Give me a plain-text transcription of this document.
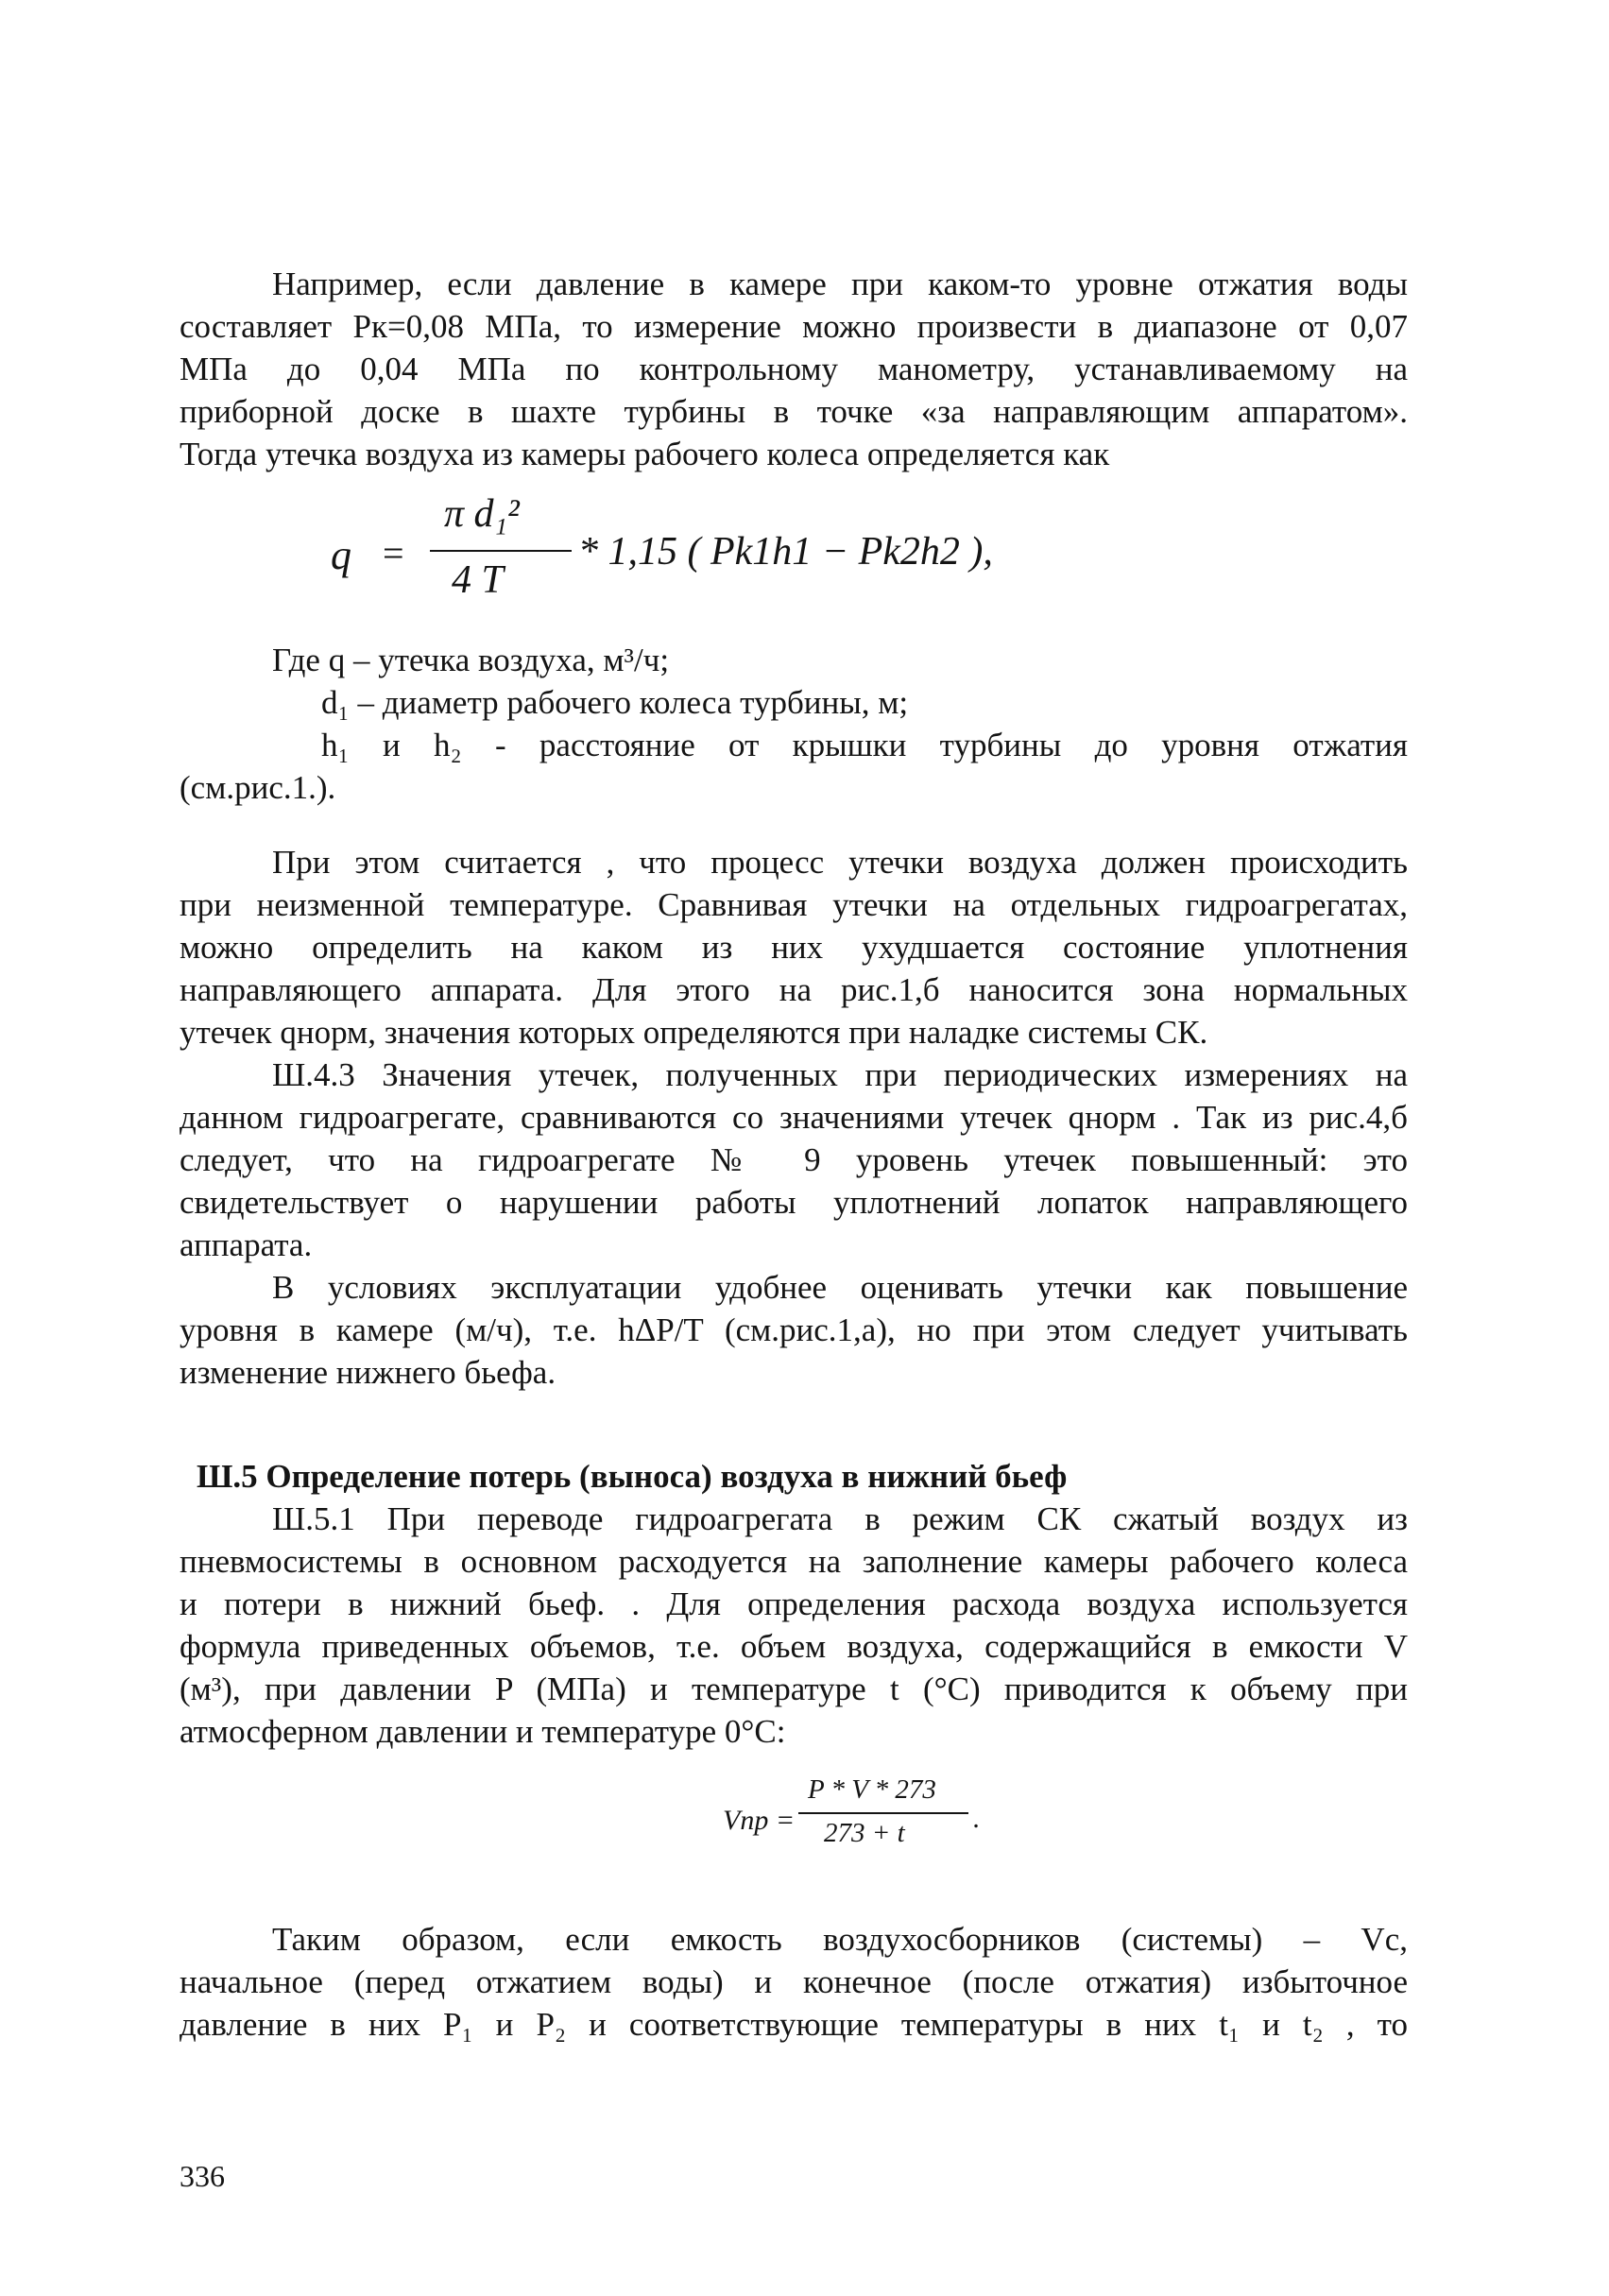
Например, если давление в камере при каком-то уровне отжатия воды
составляет Pк=0,08 МПа, то измерение можно произвести в диапазоне от 0,07
МПа до 0,04 МПа по контрольному манометру, устанавливаемому на
приборной доске в шахте турбины в точке «за направляющим аппаратом».
Тогда утечка воздуха из камеры рабочего колеса определяется как
q =
π d₁²
4 T
* 1,15 ( Pk1h1 − Pk2h2 ),
Где q – утечка воздуха, м³/ч;
d₁ – диаметр рабочего колеса турбины, м;
h₁ и h₂ - расстояние от крышки турбины до уровня отжатия
(см.рис.1.).
При этом считается , что процесс утечки воздуха должен происходить
при неизменной температуре. Сравнивая утечки на отдельных гидроагрегатах,
можно определить на каком из них ухудшается состояние уплотнения
направляющего аппарата. Для этого на рис.1,б наносится зона нормальных
утечек qнорм, значения которых определяются при наладке системы СК.
Ш.4.3 Значения утечек, полученных при периодических измерениях на
данном гидроагрегате, сравниваются со значениями утечек qнорм . Так из рис.4,б
следует, что на гидроагрегате № 9 уровень утечек повышенный: это
свидетельствует о нарушении работы уплотнений лопаток направляющего
аппарата.
В условиях эксплуатации удобнее оценивать утечки как повышение
уровня в камере (м/ч), т.е. hΔP/T (см.рис.1,а), но при этом следует учитывать
изменение нижнего бьефа.
Ш.5 Определение потерь (выноса) воздуха в нижний бьеф
Ш.5.1 При переводе гидроагрегата в режим СК сжатый воздух из
пневмосистемы в основном расходуется на заполнение камеры рабочего колеса
и потери в нижний бьеф. . Для определения расхода воздуха используется
формула приведенных объемов, т.е. объем воздуха, содержащийся в емкости V
(м³), при давлении P (МПа) и температуре t (°C) приводится к объему при
атмосферном давлении и температуре 0°C:
Vпр =
P * V * 273
273 + t .
Таким образом, если емкость воздухосборников (системы) – Vc,
начальное (перед отжатием воды) и конечное (после отжатия) избыточное
давление в них P₁ и P₂ и соответствующие температуры в них t₁ и t₂ , то
336
